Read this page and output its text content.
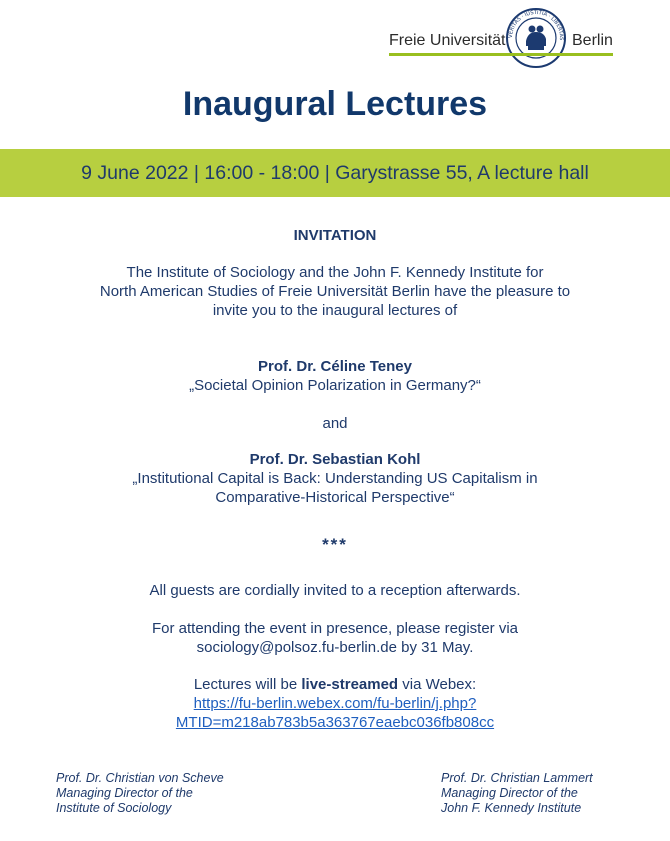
Freie Universität VERITAS · IUSTITIA · LIBERTAS Berlin
Inaugural Lectures
9 June 2022 | 16:00 - 18:00 | Garystrasse 55, A lecture hall
INVITATION
The Institute of Sociology and the John F. Kennedy Institute for
North American Studies of Freie Universität Berlin have the pleasure to
invite you to the inaugural lectures of
Prof. Dr. Céline Teney
„Societal Opinion Polarization in Germany?“
and
Prof. Dr. Sebastian Kohl
„Institutional Capital is Back: Understanding US Capitalism in
Comparative-Historical Perspective“
***
All guests are cordially invited to a reception afterwards.
For attending the event in presence, please register via
sociology@polsoz.fu-berlin.de by 31 May.
Lectures will be live-streamed via Webex:
https://fu-berlin.webex.com/fu-berlin/j.php?
MTID=m218ab783b5a363767eaebc036fb808cc
Prof. Dr. Christian von Scheve
Managing Director of the
Institute of Sociology
Prof. Dr. Christian Lammert
Managing Director of the
John F. Kennedy Institute
